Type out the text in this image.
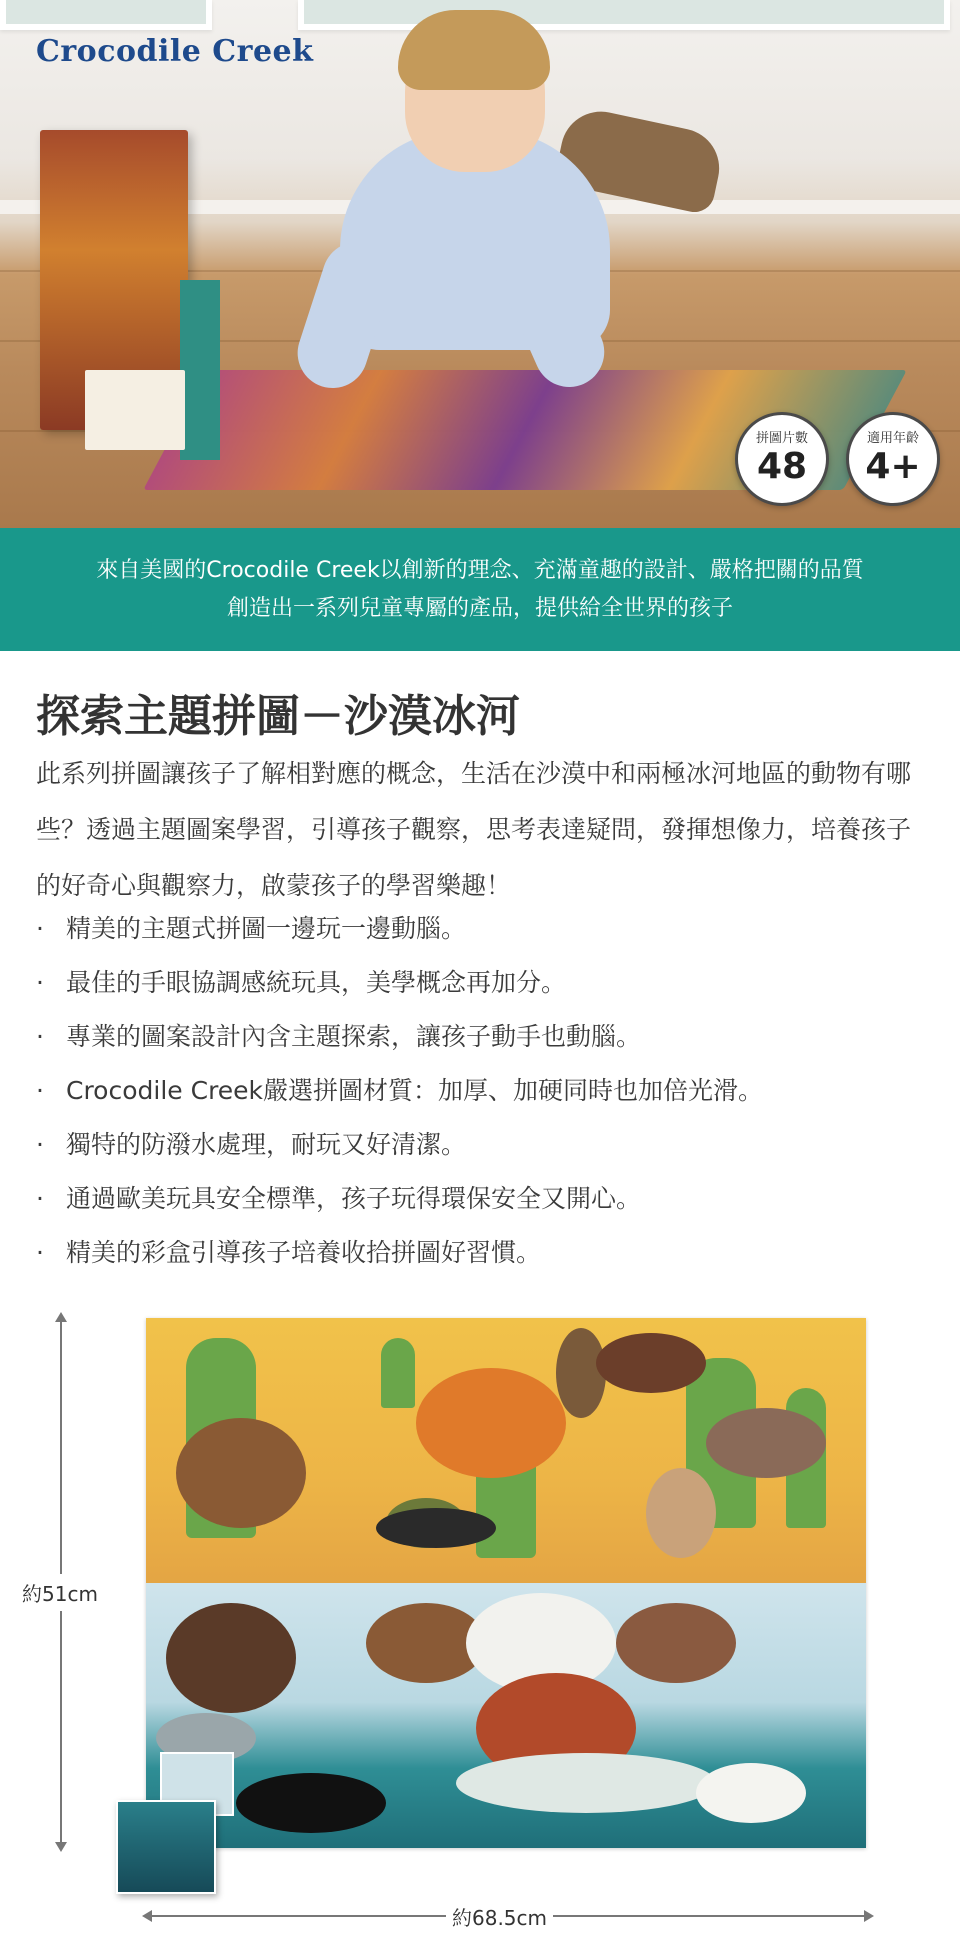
Crocodile Creek
拼圖片數
48
適用年齡
4+

來自美國的Crocodile Creek以創新的理念、充滿童趣的設計、嚴格把關的品質

創造出一系列兒童專屬的產品，提供給全世界的孩子

探索主題拼圖－沙漠冰河

此系列拼圖讓孩子了解相對應的概念，生活在沙漠中和兩極冰河地區的動物有哪些？透過主題圖案學習，引導孩子觀察，思考表達疑問，發揮想像力，培養孩子的好奇心與觀察力，啟蒙孩子的學習樂趣！

· 精美的主題式拼圖一邊玩一邊動腦。
· 最佳的手眼協調感統玩具，美學概念再加分。
· 專業的圖案設計內含主題探索，讓孩子動手也動腦。
· Crocodile Creek嚴選拼圖材質：加厚、加硬同時也加倍光滑。
· 獨特的防潑水處理，耐玩又好清潔。
· 通過歐美玩具安全標準，孩子玩得環保安全又開心。
· 精美的彩盒引導孩子培養收拾拼圖好習慣。
約51cm
約68.5cm
